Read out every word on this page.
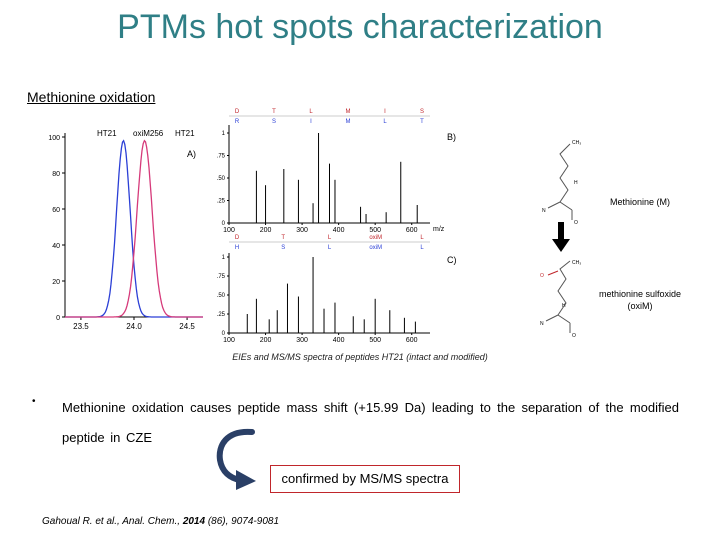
PTMs hot spots characterization
Methionine oxidation
0
20
40
60
80
100
23.5	24.0	24.5
HT21 oxiM256 HT21
A)
D	T	L	M	I	S
R	S	I	M	L	T
0
.25
.50
.75
1
100	200	300	400	500	600
B)
m/z
D	T	L	oxiM	L
H	S	L	oxiM	L
0
.25
.50
.75
1
100	200	300	400	500	600
C)
CH₃
H
N
O
CH₃
O
H
N
O
Methionine (M)
methionine sulfoxide (oxiM)
EIEs and MS/MS spectra of peptides HT21 (intact and modified)
• Methionine oxidation causes peptide mass shift (+15.99 Da) leading to the separation of the modified peptide in CZE
confirmed by MS/MS spectra
Gahoual R. et al., Anal. Chem., 2014 (86), 9074-9081
